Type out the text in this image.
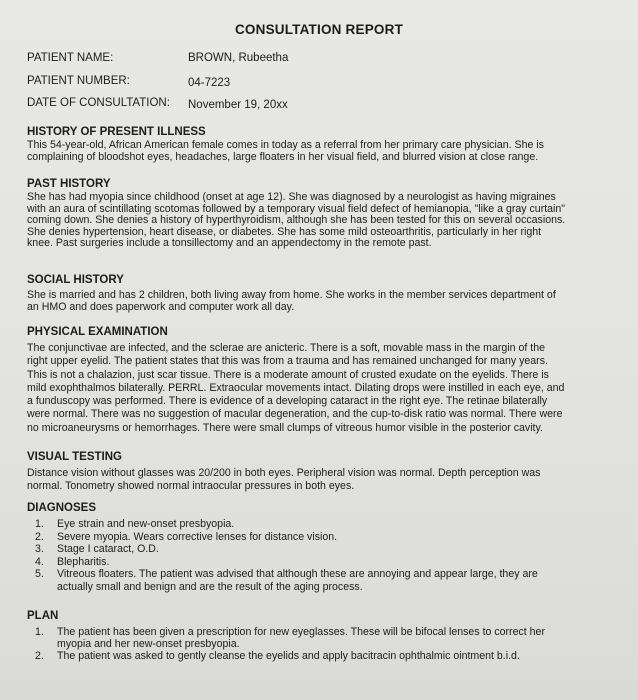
CONSULTATION REPORT
PATIENT NAME:	BROWN, Rubeetha
PATIENT NUMBER:	04-7223
DATE OF CONSULTATION: November 19, 20xx
HISTORY OF PRESENT ILLNESS
This 54-year-old, African American female comes in today as a referral from her primary care physician. She is
complaining of bloodshot eyes, headaches, large floaters in her visual field, and blurred vision at close range.
PAST HISTORY
She has had myopia since childhood (onset at age 12). She was diagnosed by a neurologist as having migraines
with an aura of scintillating scotomas followed by a temporary visual field defect of hemianopia, "like a gray curtain"
coming down. She denies a history of hyperthyroidism, although she has been tested for this on several occasions.
She denies hypertension, heart disease, or diabetes. She has some mild osteoarthritis, particularly in her right
knee. Past surgeries include a tonsillectomy and an appendectomy in the remote past.
SOCIAL HISTORY
She is married and has 2 children, both living away from home. She works in the member services department of
an HMO and does paperwork and computer work all day.
PHYSICAL EXAMINATION
The conjunctivae are infected, and the sclerae are anicteric. There is a soft, movable mass in the margin of the
right upper eyelid. The patient states that this was from a trauma and has remained unchanged for many years.
This is not a chalazion, just scar tissue. There is a moderate amount of crusted exudate on the eyelids. There is
mild exophthalmos bilaterally. PERRL. Extraocular movements intact. Dilating drops were instilled in each eye, and
a funduscopy was performed. There is evidence of a developing cataract in the right eye. The retinae bilaterally
were normal. There was no suggestion of macular degeneration, and the cup-to-disk ratio was normal. There were
no microaneurysms or hemorrhages. There were small clumps of vitreous humor visible in the posterior cavity.
VISUAL TESTING
Distance vision without glasses was 20/200 in both eyes. Peripheral vision was normal. Depth perception was
normal. Tonometry showed normal intraocular pressures in both eyes.
DIAGNOSES
1. Eye strain and new-onset presbyopia.
2. Severe myopia. Wears corrective lenses for distance vision.
3. Stage I cataract, O.D.
4. Blepharitis.
5. Vitreous floaters. The patient was advised that although these are annoying and appear large, they are
actually small and benign and are the result of the aging process.
PLAN
1. The patient has been given a prescription for new eyeglasses. These will be bifocal lenses to correct her
myopia and her new-onset presbyopia.
2. The patient was asked to gently cleanse the eyelids and apply bacitracin ophthalmic ointment b.i.d.
